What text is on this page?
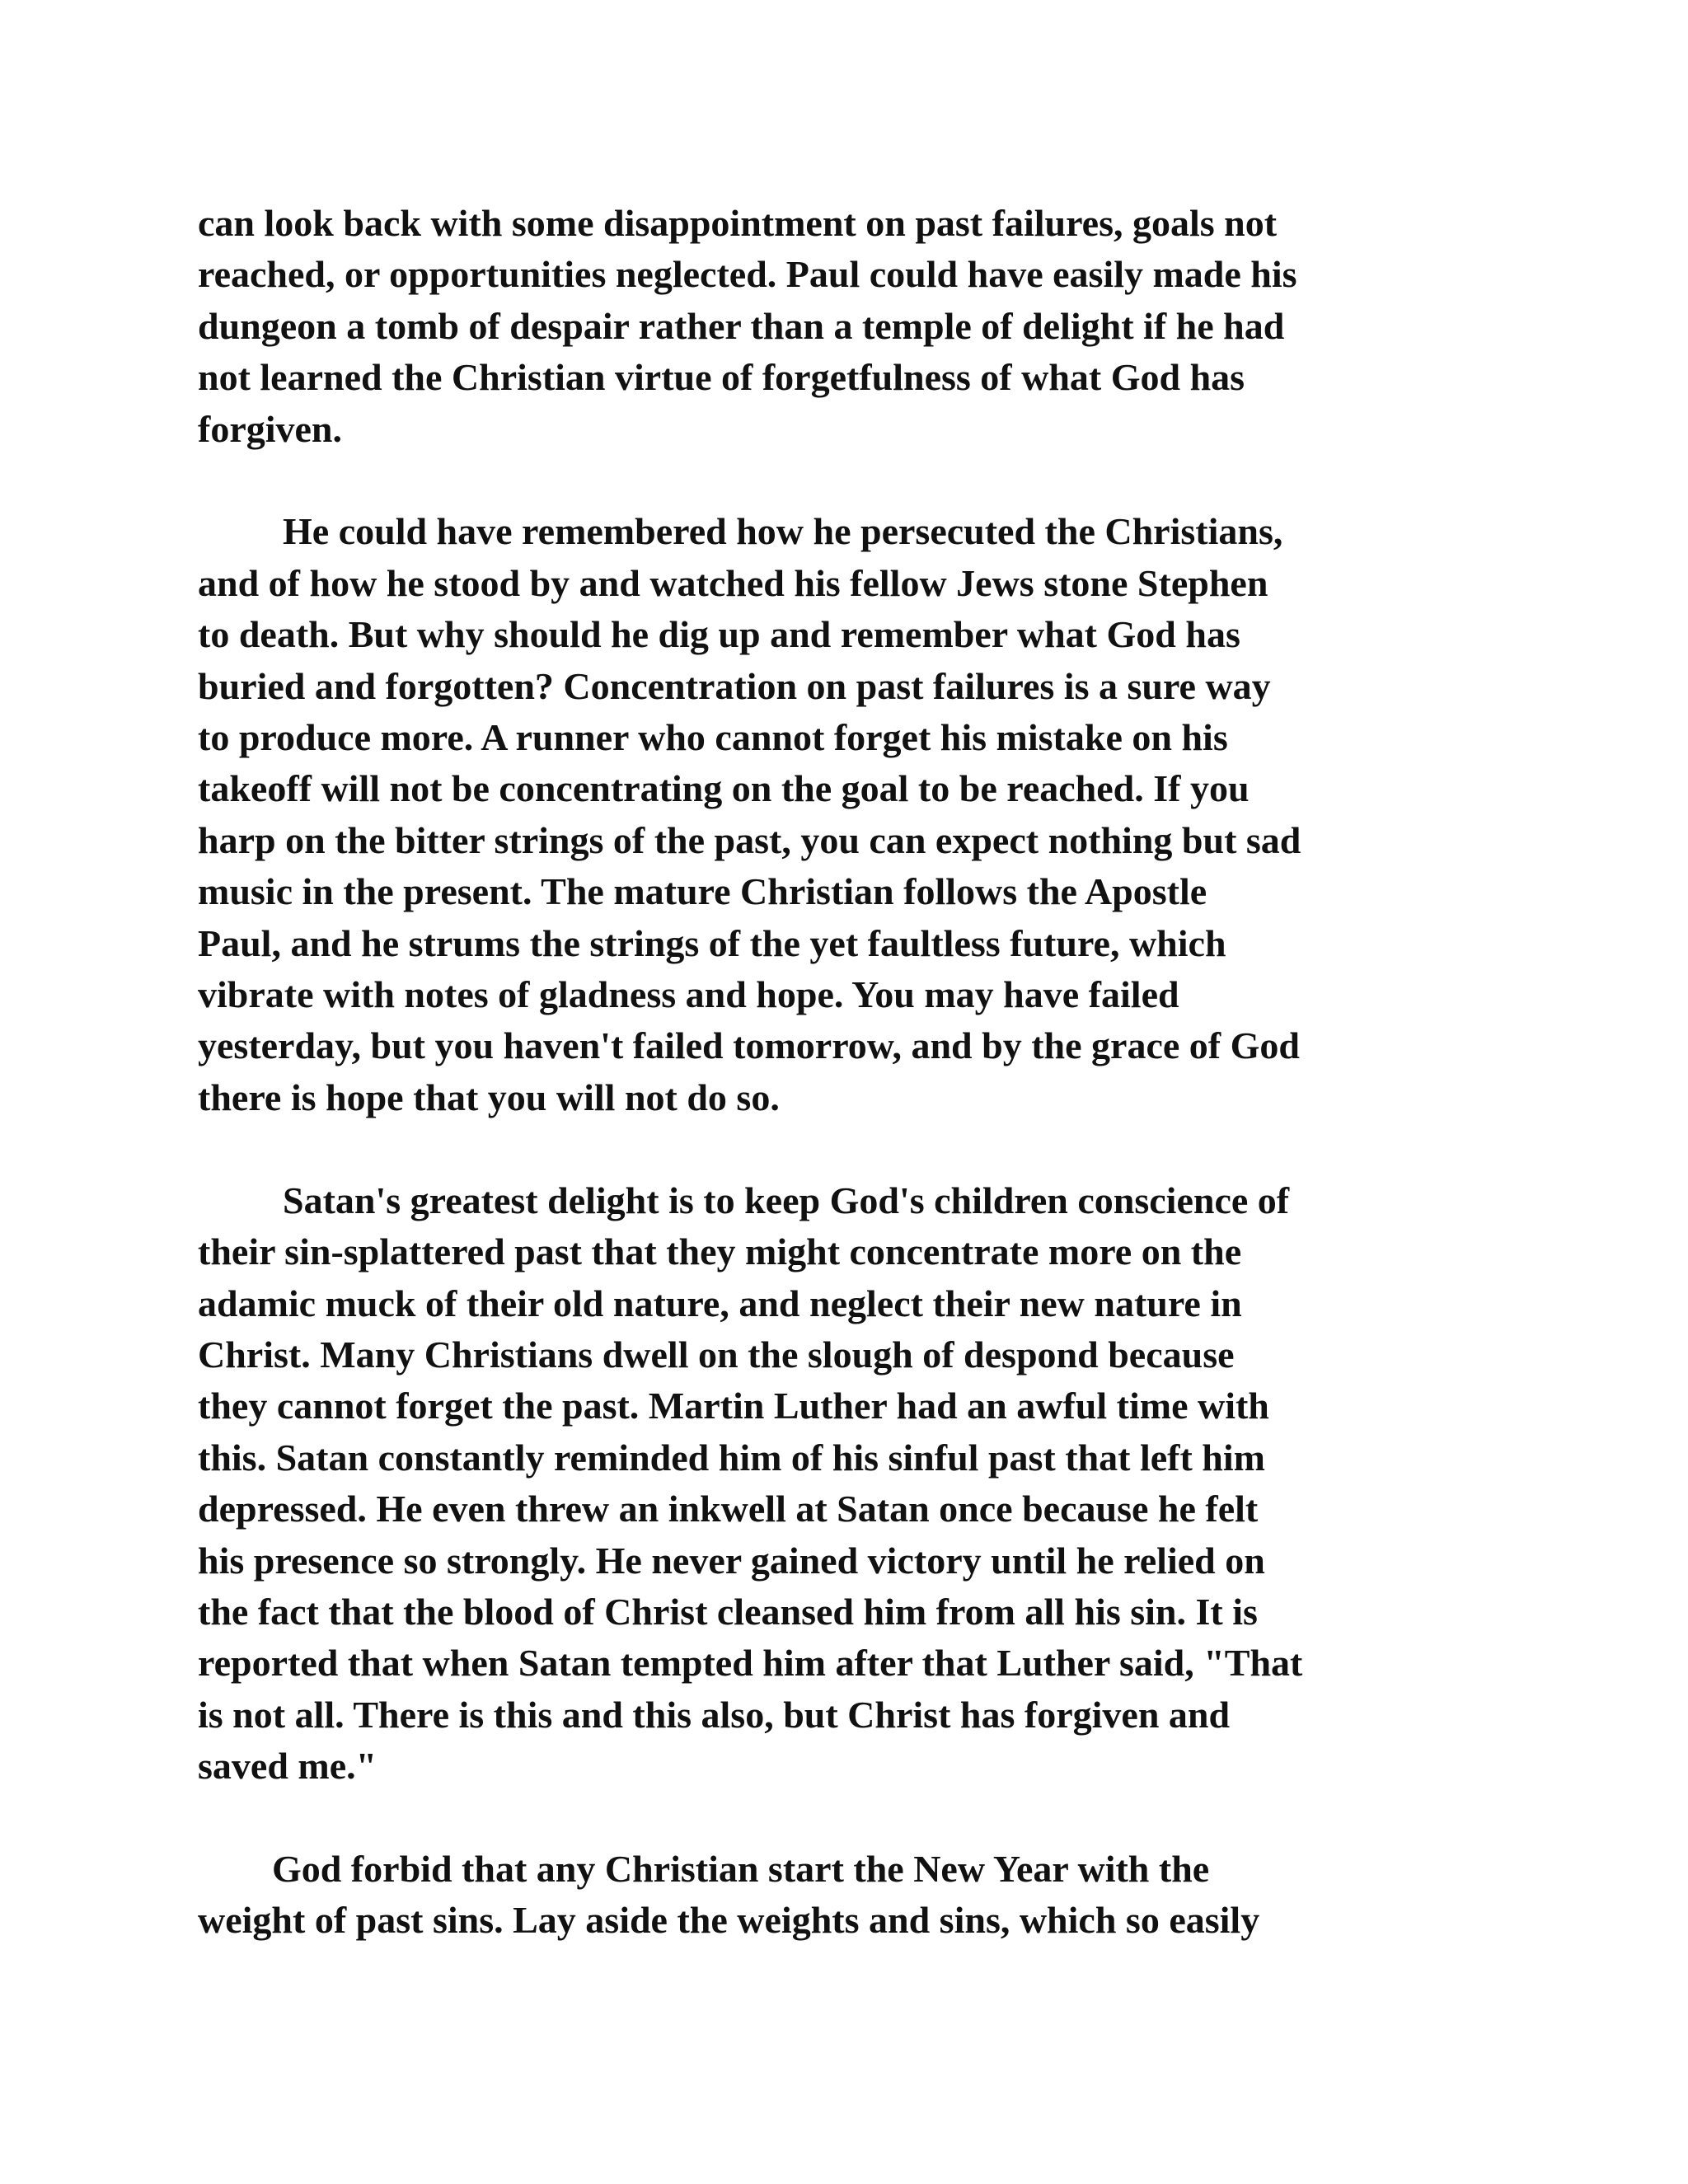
can look back with some disappointment on past failures, goals not
reached, or opportunities neglected. Paul could have easily made his
dungeon a tomb of despair rather than a temple of delight if he had
not learned the Christian virtue of forgetfulness of what God has
forgiven.
He could have remembered how he persecuted the Christians,
and of how he stood by and watched his fellow Jews stone Stephen
to death. But why should he dig up and remember what God has
buried and forgotten? Concentration on past failures is a sure way
to produce more. A runner who cannot forget his mistake on his
takeoff will not be concentrating on the goal to be reached. If you
harp on the bitter strings of the past, you can expect nothing but sad
music in the present. The mature Christian follows the Apostle
Paul, and he strums the strings of the yet faultless future, which
vibrate with notes of gladness and hope. You may have failed
yesterday, but you haven't failed tomorrow, and by the grace of God
there is hope that you will not do so.
Satan's greatest delight is to keep God's children conscience of
their sin-splattered past that they might concentrate more on the
adamic muck of their old nature, and neglect their new nature in
Christ. Many Christians dwell on the slough of despond because
they cannot forget the past. Martin Luther had an awful time with
this. Satan constantly reminded him of his sinful past that left him
depressed. He even threw an inkwell at Satan once because he felt
his presence so strongly. He never gained victory until he relied on
the fact that the blood of Christ cleansed him from all his sin. It is
reported that when Satan tempted him after that Luther said, "That
is not all. There is this and this also, but Christ has forgiven and
saved me."
God forbid that any Christian start the New Year with the
weight of past sins. Lay aside the weights and sins, which so easily
